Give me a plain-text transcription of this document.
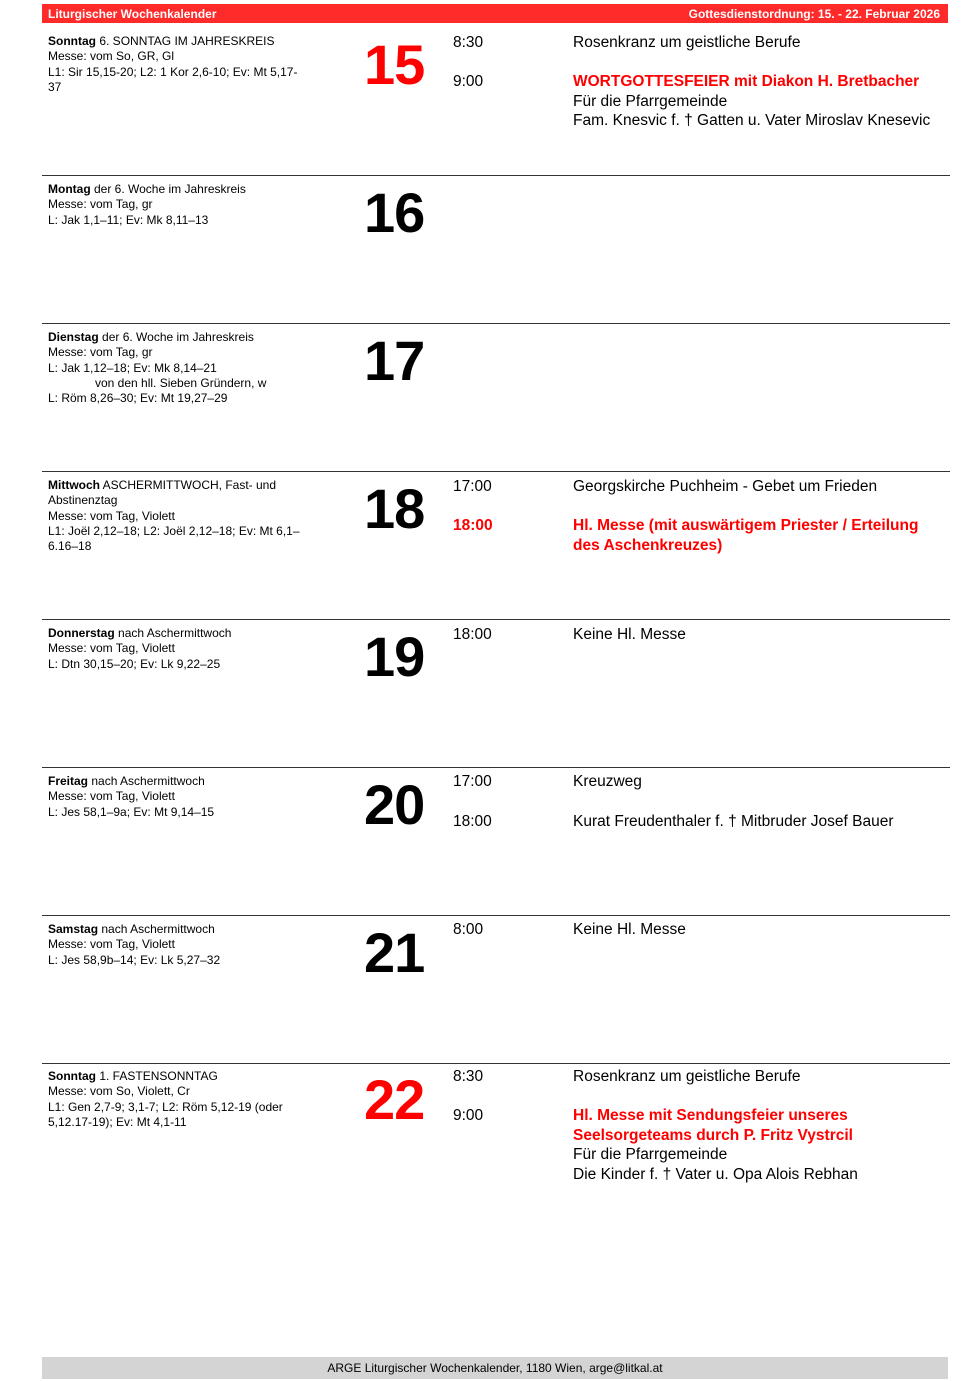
Liturgischer Wochenkalender	Gottesdienstordnung: 15. - 22. Februar 2026
Sonntag 6. SONNTAG IM JAHRESKREIS
Messe: vom So, GR, Gl
L1: Sir 15,15-20; L2: 1 Kor 2,6-10; Ev: Mt 5,17-37	15	8:30	Rosenkranz um geistliche Berufe
9:00	WORTGOTTESFEIER mit Diakon H. Bretbacher
Für die Pfarrgemeinde
Fam. Knesvic f. † Gatten u. Vater Miroslav Knesevic
Montag der 6. Woche im Jahreskreis
Messe: vom Tag, gr
L: Jak 1,1–11; Ev: Mk 8,11–13	16
Dienstag der 6. Woche im Jahreskreis
Messe: vom Tag, gr
L: Jak 1,12–18; Ev: Mk 8,14–21
von den hll. Sieben Gründern, w
L: Röm 8,26–30; Ev: Mt 19,27–29
17
Mittwoch ASCHERMITTWOCH, Fast- und Abstinenztag
Messe: vom Tag, Violett
L1: Joël 2,12–18; L2: Joël 2,12–18; Ev: Mt 6,1–6.16–18
18	17:00	Georgskirche Puchheim - Gebet um Frieden
18:00	Hl. Messe (mit auswärtigem Priester / Erteilung des Aschenkreuzes)
Donnerstag nach Aschermittwoch
Messe: vom Tag, Violett
L: Dtn 30,15–20; Ev: Lk 9,22–25	19	18:00	Keine Hl. Messe
Freitag nach Aschermittwoch
Messe: vom Tag, Violett
L: Jes 58,1–9a; Ev: Mt 9,14–15	20	17:00	Kreuzweg
18:00	Kurat Freudenthaler f. † Mitbruder Josef Bauer
Samstag nach Aschermittwoch
Messe: vom Tag, Violett
L: Jes 58,9b–14; Ev: Lk 5,27–32	21	8:00	Keine Hl. Messe
Sonntag 1. FASTENSONNTAG
Messe: vom So, Violett, Cr
L1: Gen 2,7-9; 3,1-7; L2: Röm 5,12-19 (oder 5,12.17-19); Ev: Mt 4,1-11	22	8:30	Rosenkranz um geistliche Berufe
9:00	Hl. Messe mit Sendungsfeier unseres Seelsorgeteams durch P. Fritz Vystrcil
Für die Pfarrgemeinde
Die Kinder f. † Vater u. Opa Alois Rebhan
ARGE Liturgischer Wochenkalender, 1180 Wien, arge@litkal.at
